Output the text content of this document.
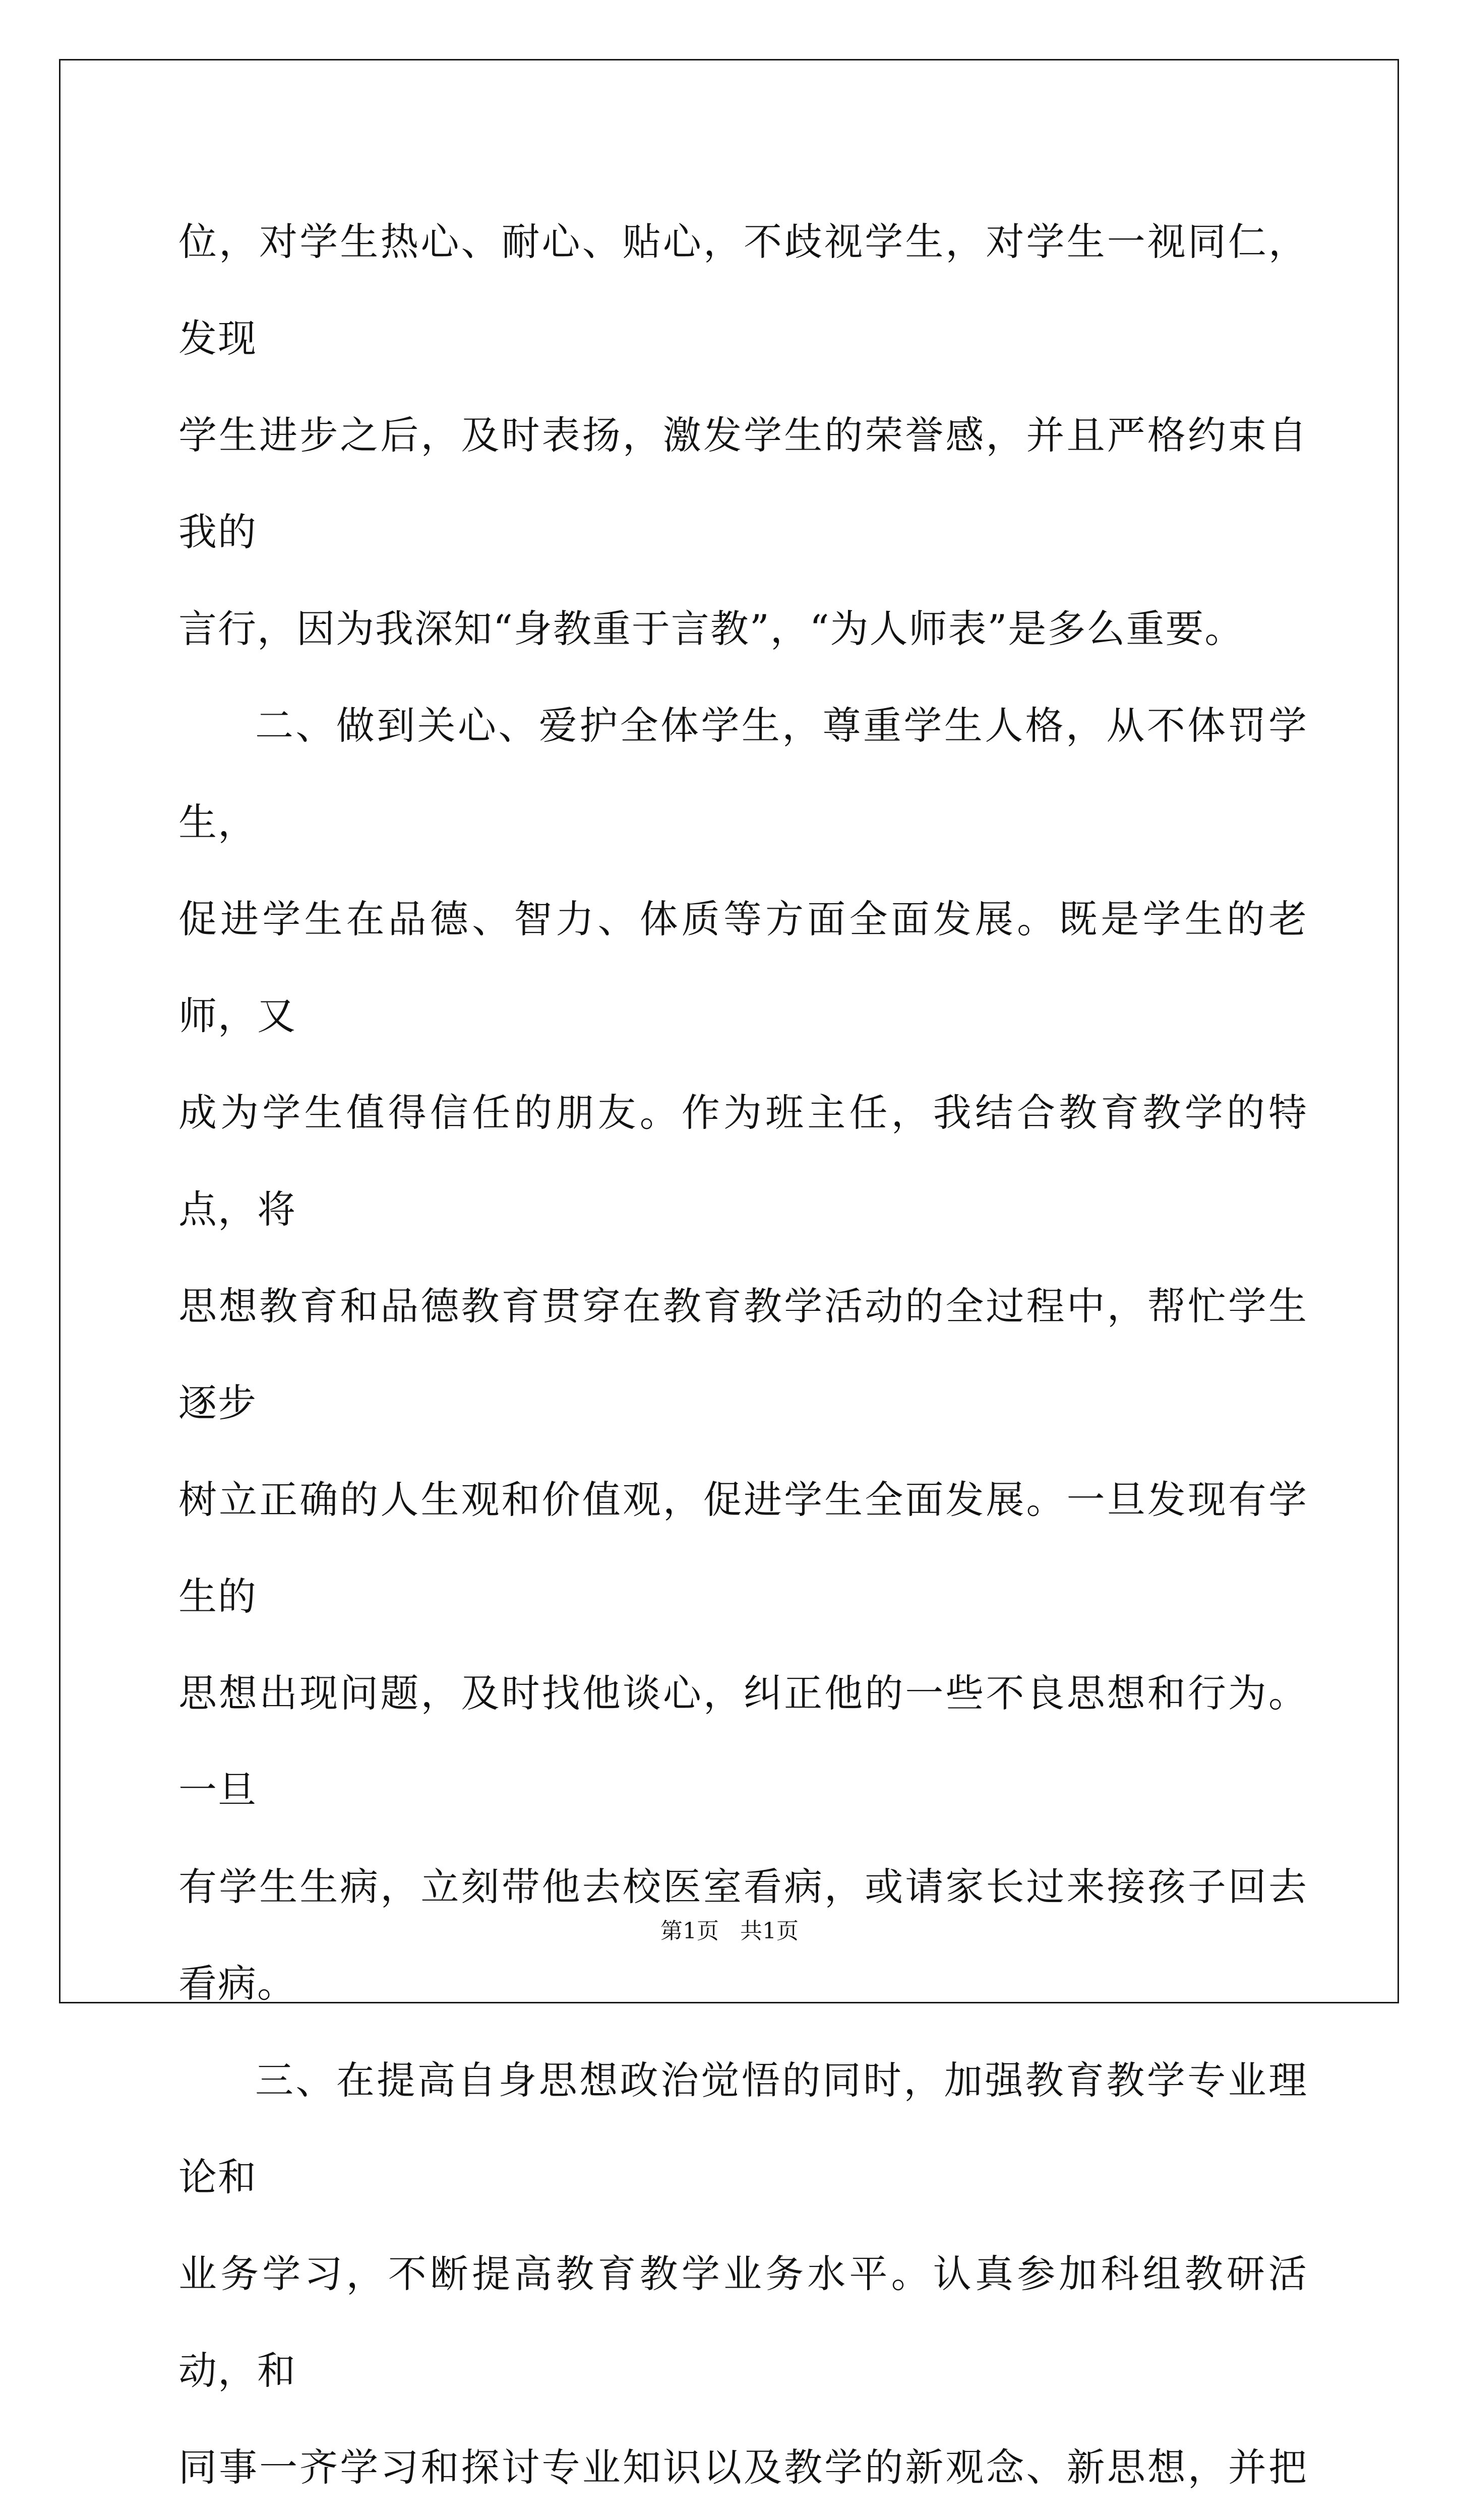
位，对学生热心、耐心、贴心，不歧视学生，对学生一视同仁，发现
学生进步之后，及时表扬，激发学生的荣誉感，并且严格约束自我的
言行，因为我深知“身教重于言教”，“为人师表”是多么重要。

二、做到关心、爱护全体学生，尊重学生人格，从不体罚学生，
促进学生在品德、智力、体质等方面全面发展。既是学生的老师，又
成为学生值得信任的朋友。作为班主任，我结合教育教学的特点，将
思想教育和品德教育贯穿在教育教学活动的全过程中，帮忙学生逐步
树立正确的人生观和价值观，促进学生全面发展。一旦发现有学生的
思想出现问题，及时找他谈心，纠正他的一些不良思想和行为。一旦
有学生生病，立刻带他去校医室看病，或请家长过来接孩子回去看病。

三、在提高自身思想政治觉悟的同时，加强教育教学专业理论和
业务学习，不断提高教育教学业务水平。认真参加科组教研活动，和
同事一齐学习和探讨专业知识以及教学的新观念、新思想，并把

第1页 共1页
